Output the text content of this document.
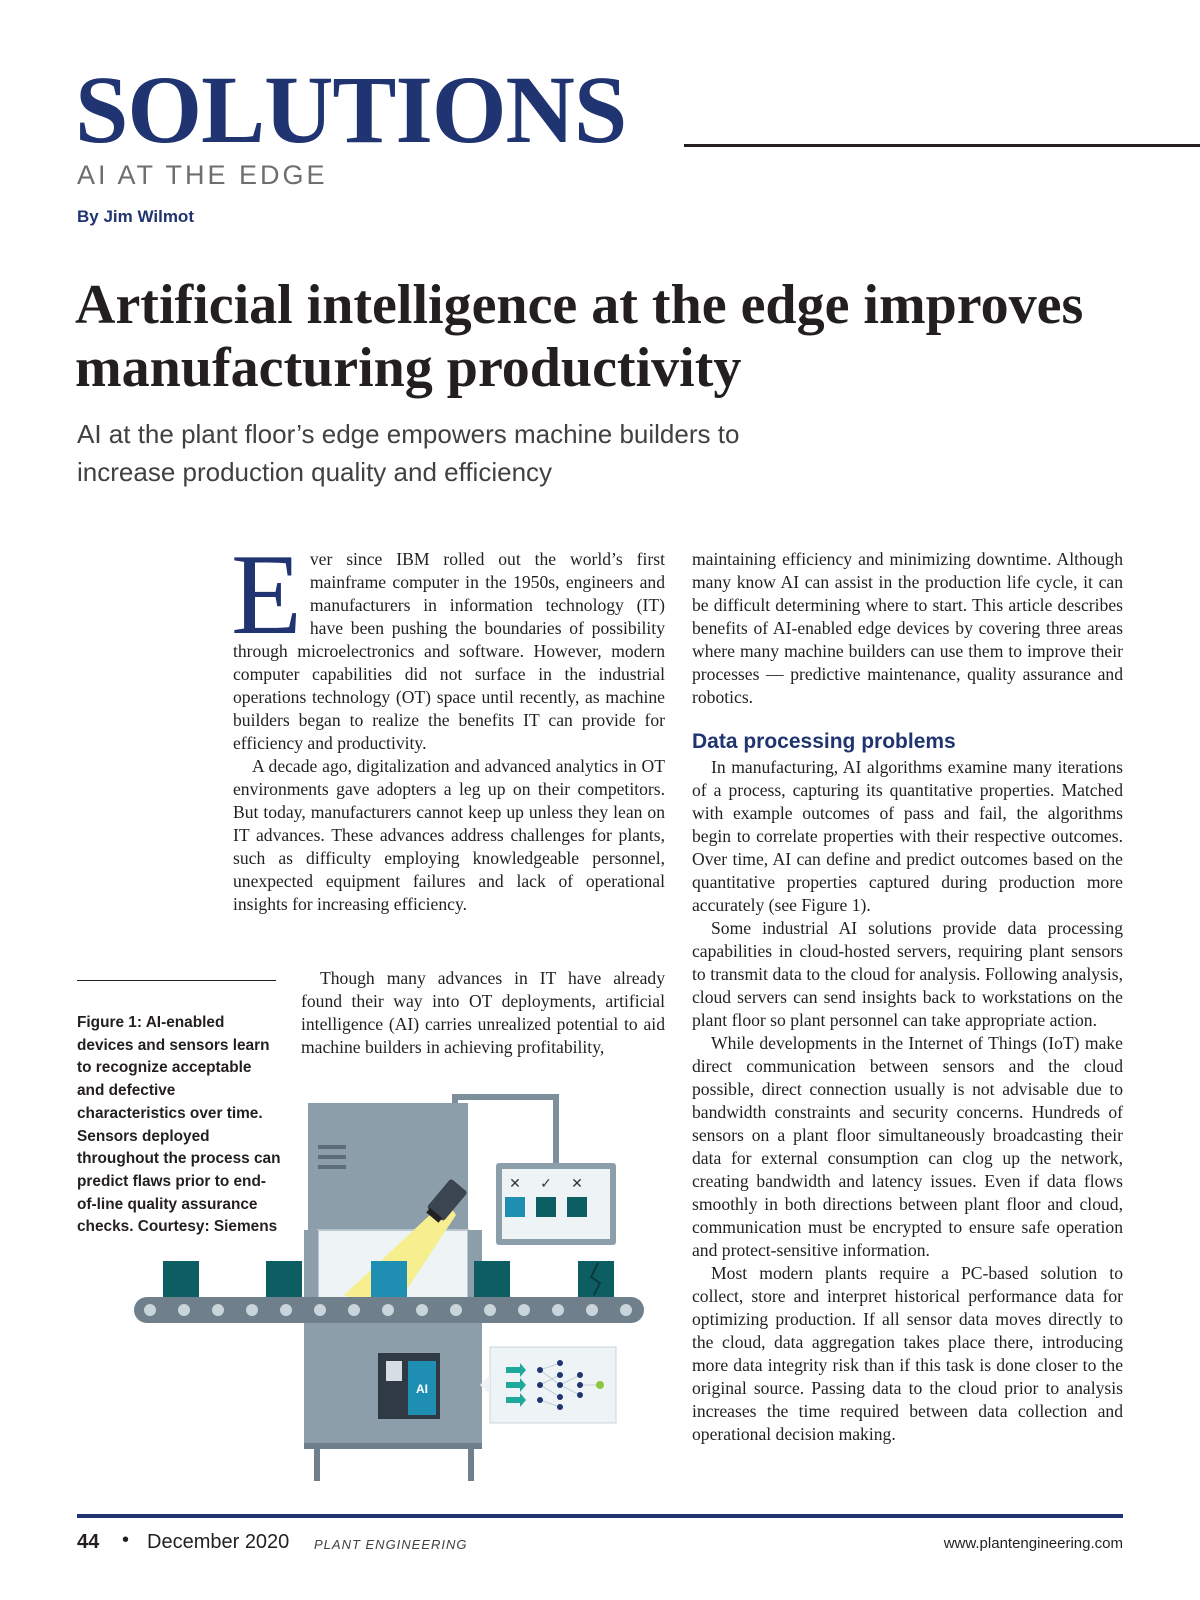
SOLUTIONS
AI AT THE EDGE
By Jim Wilmot
Artificial intelligence at the edge improves manufacturing productivity
AI at the plant floor’s edge empowers machine builders to increase production quality and efficiency
E ver since IBM rolled out the world’s first mainframe computer in the 1950s, engineers and manufacturers in information technology (IT) have been pushing the boundaries of possibility through microelectronics and software. However, modern computer capabilities did not surface in the industrial operations technology (OT) space until recently, as machine builders began to realize the benefits IT can provide for efficiency and productivity.

A decade ago, digitalization and advanced analytics in OT environments gave adopters a leg up on their competitors. But today, manufacturers cannot keep up unless they lean on IT advances. These advances address challenges for plants, such as difficulty employing knowledgeable personnel, unexpected equipment failures and lack of operational insights for increasing efficiency.

Though many advances in IT have already found their way into OT deployments, artificial intelligence (AI) carries unrealized potential to aid machine builders in achieving profitability,

Figure 1: AI-enabled devices and sensors learn to recognize acceptable and defective characteristics over time. Sensors deployed throughout the process can predict flaws prior to end-of-line quality assurance checks. Courtesy: Siemens
AI
✕ ✓ ✕

maintaining efficiency and minimizing downtime. Although many know AI can assist in the production life cycle, it can be difficult determining where to start. This article describes benefits of AI-enabled edge devices by covering three areas where many machine builders can use them to improve their processes — predictive maintenance, quality assurance and robotics.

Data processing problems

In manufacturing, AI algorithms examine many iterations of a process, capturing its quantitative properties. Matched with example outcomes of pass and fail, the algorithms begin to correlate properties with their respective outcomes. Over time, AI can define and predict outcomes based on the quantitative properties captured during production more accurately (see Figure 1).

Some industrial AI solutions provide data processing capabilities in cloud-hosted servers, requiring plant sensors to transmit data to the cloud for analysis. Following analysis, cloud servers can send insights back to workstations on the plant floor so plant personnel can take appropriate action.

While developments in the Internet of Things (IoT) make direct communication between sensors and the cloud possible, direct connection usually is not advisable due to bandwidth constraints and security concerns. Hundreds of sensors on a plant floor simultaneously broadcasting their data for external consumption can clog up the network, creating bandwidth and latency issues. Even if data flows smoothly in both directions between plant floor and cloud, communication must be encrypted to ensure safe operation and protect-sensitive information.

Most modern plants require a PC-based solution to collect, store and interpret historical performance data for optimizing production. If all sensor data moves directly to the cloud, data aggregation takes place there, introducing more data integrity risk than if this task is done closer to the original source. Passing data to the cloud prior to analysis increases the time required between data collection and operational decision making.

44 • December 2020 PLANT ENGINEERING	www.plantengineering.com
